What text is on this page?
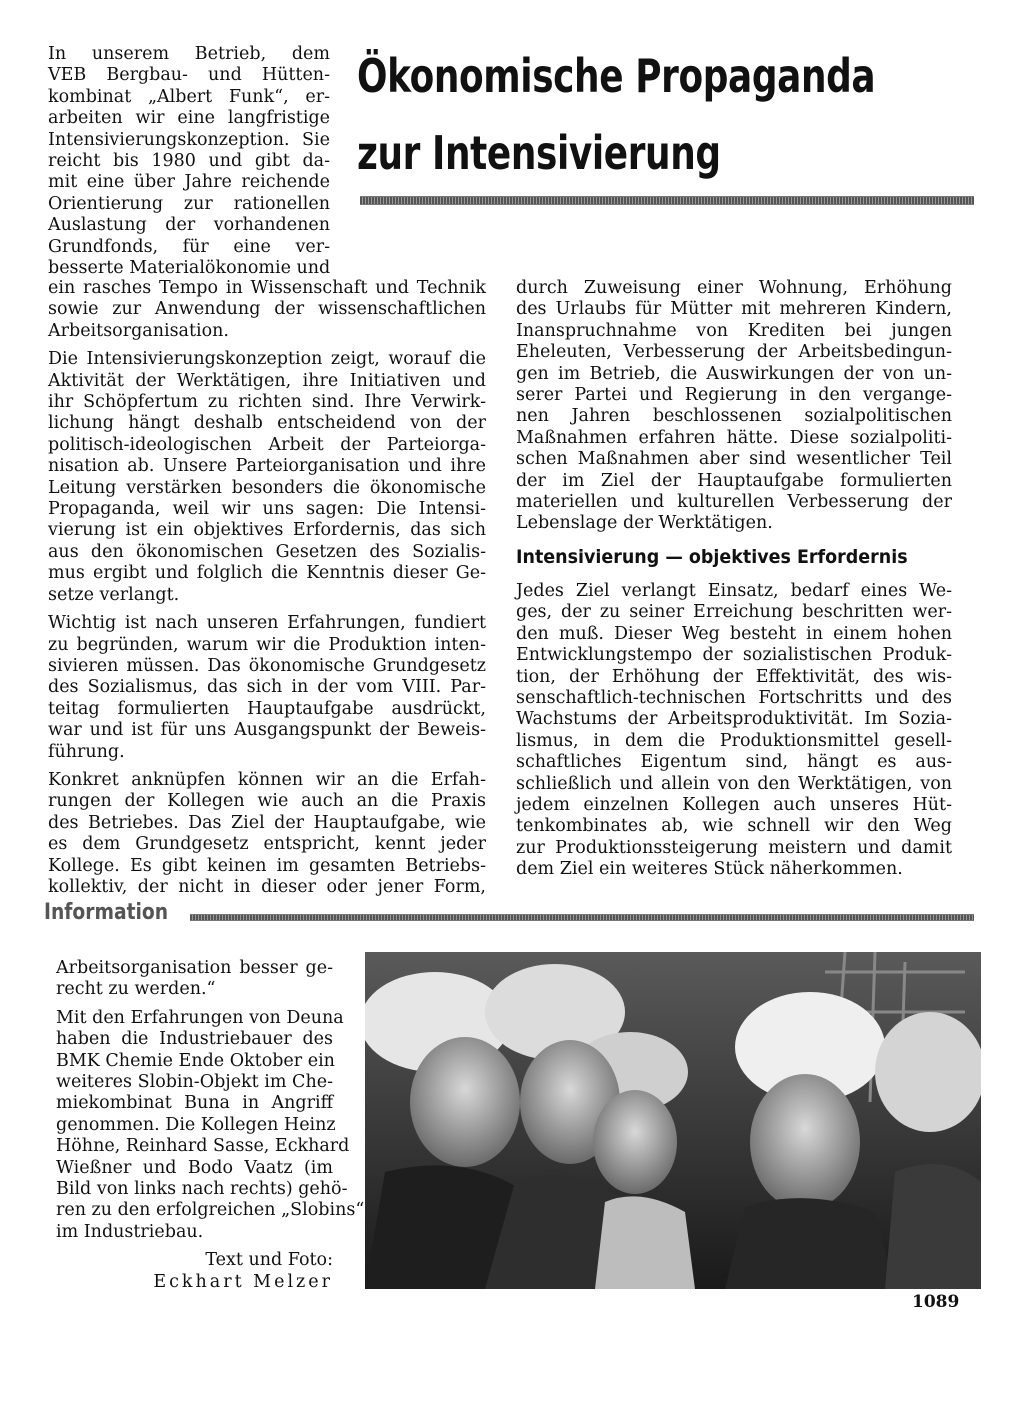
Ökonomische Propaganda
zur Intensivierung
In unserem Betrieb, dem
VEB Bergbau- und Hütten-
kombinat „Albert Funk“, er-
arbeiten wir eine langfristige
Intensivierungskonzeption. Sie
reicht bis 1980 und gibt da-
mit eine über Jahre reichende
Orientierung zur rationellen
Auslastung der vorhandenen
Grundfonds, für eine ver-
besserte Materialökonomie und
ein rasches Tempo in Wissenschaft und Technik
sowie zur Anwendung der wissenschaftlichen
Arbeitsorganisation.
Die Intensivierungskonzeption zeigt, worauf die
Aktivität der Werktätigen, ihre Initiativen und
ihr Schöpfertum zu richten sind. Ihre Verwirk-
lichung hängt deshalb entscheidend von der
politisch-ideologischen Arbeit der Parteiorga-
nisation ab. Unsere Parteiorganisation und ihre
Leitung verstärken besonders die ökonomische
Propaganda, weil wir uns sagen: Die Intensi-
vierung ist ein objektives Erfordernis, das sich
aus den ökonomischen Gesetzen des Sozialis-
mus ergibt und folglich die Kenntnis dieser Ge-
setze verlangt.
Wichtig ist nach unseren Erfahrungen, fundiert
zu begründen, warum wir die Produktion inten-
sivieren müssen. Das ökonomische Grundgesetz
des Sozialismus, das sich in der vom VIII. Par-
teitag formulierten Hauptaufgabe ausdrückt,
war und ist für uns Ausgangspunkt der Beweis-
führung.
Konkret anknüpfen können wir an die Erfah-
rungen der Kollegen wie auch an die Praxis
des Betriebes. Das Ziel der Hauptaufgabe, wie
es dem Grundgesetz entspricht, kennt jeder
Kollege. Es gibt keinen im gesamten Betriebs-
kollektiv, der nicht in dieser oder jener Form,
durch Zuweisung einer Wohnung, Erhöhung
des Urlaubs für Mütter mit mehreren Kindern,
Inanspruchnahme von Krediten bei jungen
Eheleuten, Verbesserung der Arbeitsbedingun-
gen im Betrieb, die Auswirkungen der von un-
serer Partei und Regierung in den vergange-
nen Jahren beschlossenen sozialpolitischen
Maßnahmen erfahren hätte. Diese sozialpoliti-
schen Maßnahmen aber sind wesentlicher Teil
der im Ziel der Hauptaufgabe formulierten
materiellen und kulturellen Verbesserung der
Lebenslage der Werktätigen.
Intensivierung — objektives Erfordernis
Jedes Ziel verlangt Einsatz, bedarf eines We-
ges, der zu seiner Erreichung beschritten wer-
den muß. Dieser Weg besteht in einem hohen
Entwicklungstempo der sozialistischen Produk-
tion, der Erhöhung der Effektivität, des wis-
senschaftlich-technischen Fortschritts und des
Wachstums der Arbeitsproduktivität. Im Sozia-
lismus, in dem die Produktionsmittel gesell-
schaftliches Eigentum sind, hängt es aus-
schließlich und allein von den Werktätigen, von
jedem einzelnen Kollegen auch unseres Hüt-
tenkombinates ab, wie schnell wir den Weg
zur Produktionssteigerung meistern und damit
dem Ziel ein weiteres Stück näherkommen.
Information
Arbeitsorganisation besser ge-
recht zu werden.“
Mit den Erfahrungen von Deuna
haben die Industriebauer des
BMK Chemie Ende Oktober ein
weiteres Slobin-Objekt im Che-
miekombinat Buna in Angriff
genommen. Die Kollegen Heinz
Höhne, Reinhard Sasse, Eckhard
Wießner und Bodo Vaatz (im
Bild von links nach rechts) gehö-
ren zu den erfolgreichen „Slobins“
im Industriebau.
Text und Foto:
Eckhart Melzer
1089
